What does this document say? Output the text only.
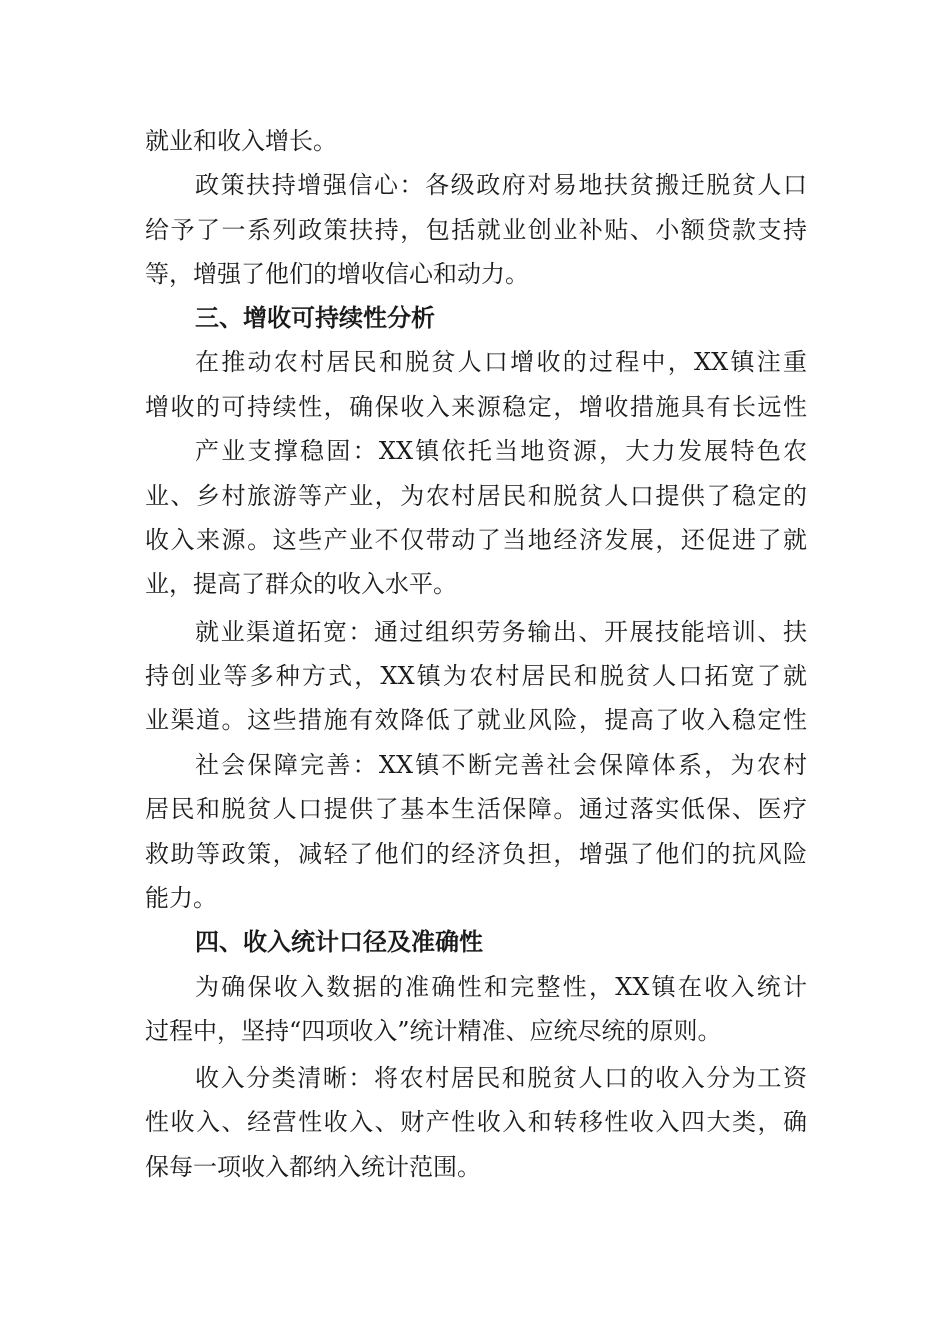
就业和收入增长。
政策扶持增强信心：各级政府对易地扶贫搬迁脱贫人口
给予了一系列政策扶持，包括就业创业补贴、小额贷款支持
等，增强了他们的增收信心和动力。
三、增收可持续性分析
在推动农村居民和脱贫人口增收的过程中，XX镇注重
增收的可持续性，确保收入来源稳定，增收措施具有长远性
产业支撑稳固：XX镇依托当地资源，大力发展特色农
业、乡村旅游等产业，为农村居民和脱贫人口提供了稳定的
收入来源。这些产业不仅带动了当地经济发展，还促进了就
业，提高了群众的收入水平。
就业渠道拓宽：通过组织劳务输出、开展技能培训、扶
持创业等多种方式，XX镇为农村居民和脱贫人口拓宽了就
业渠道。这些措施有效降低了就业风险，提高了收入稳定性
社会保障完善：XX镇不断完善社会保障体系，为农村
居民和脱贫人口提供了基本生活保障。通过落实低保、医疗
救助等政策，减轻了他们的经济负担，增强了他们的抗风险
能力。
四、收入统计口径及准确性
为确保收入数据的准确性和完整性，XX镇在收入统计
过程中，坚持“四项收入”统计精准、应统尽统的原则。
收入分类清晰：将农村居民和脱贫人口的收入分为工资
性收入、经营性收入、财产性收入和转移性收入四大类，确
保每一项收入都纳入统计范围。
